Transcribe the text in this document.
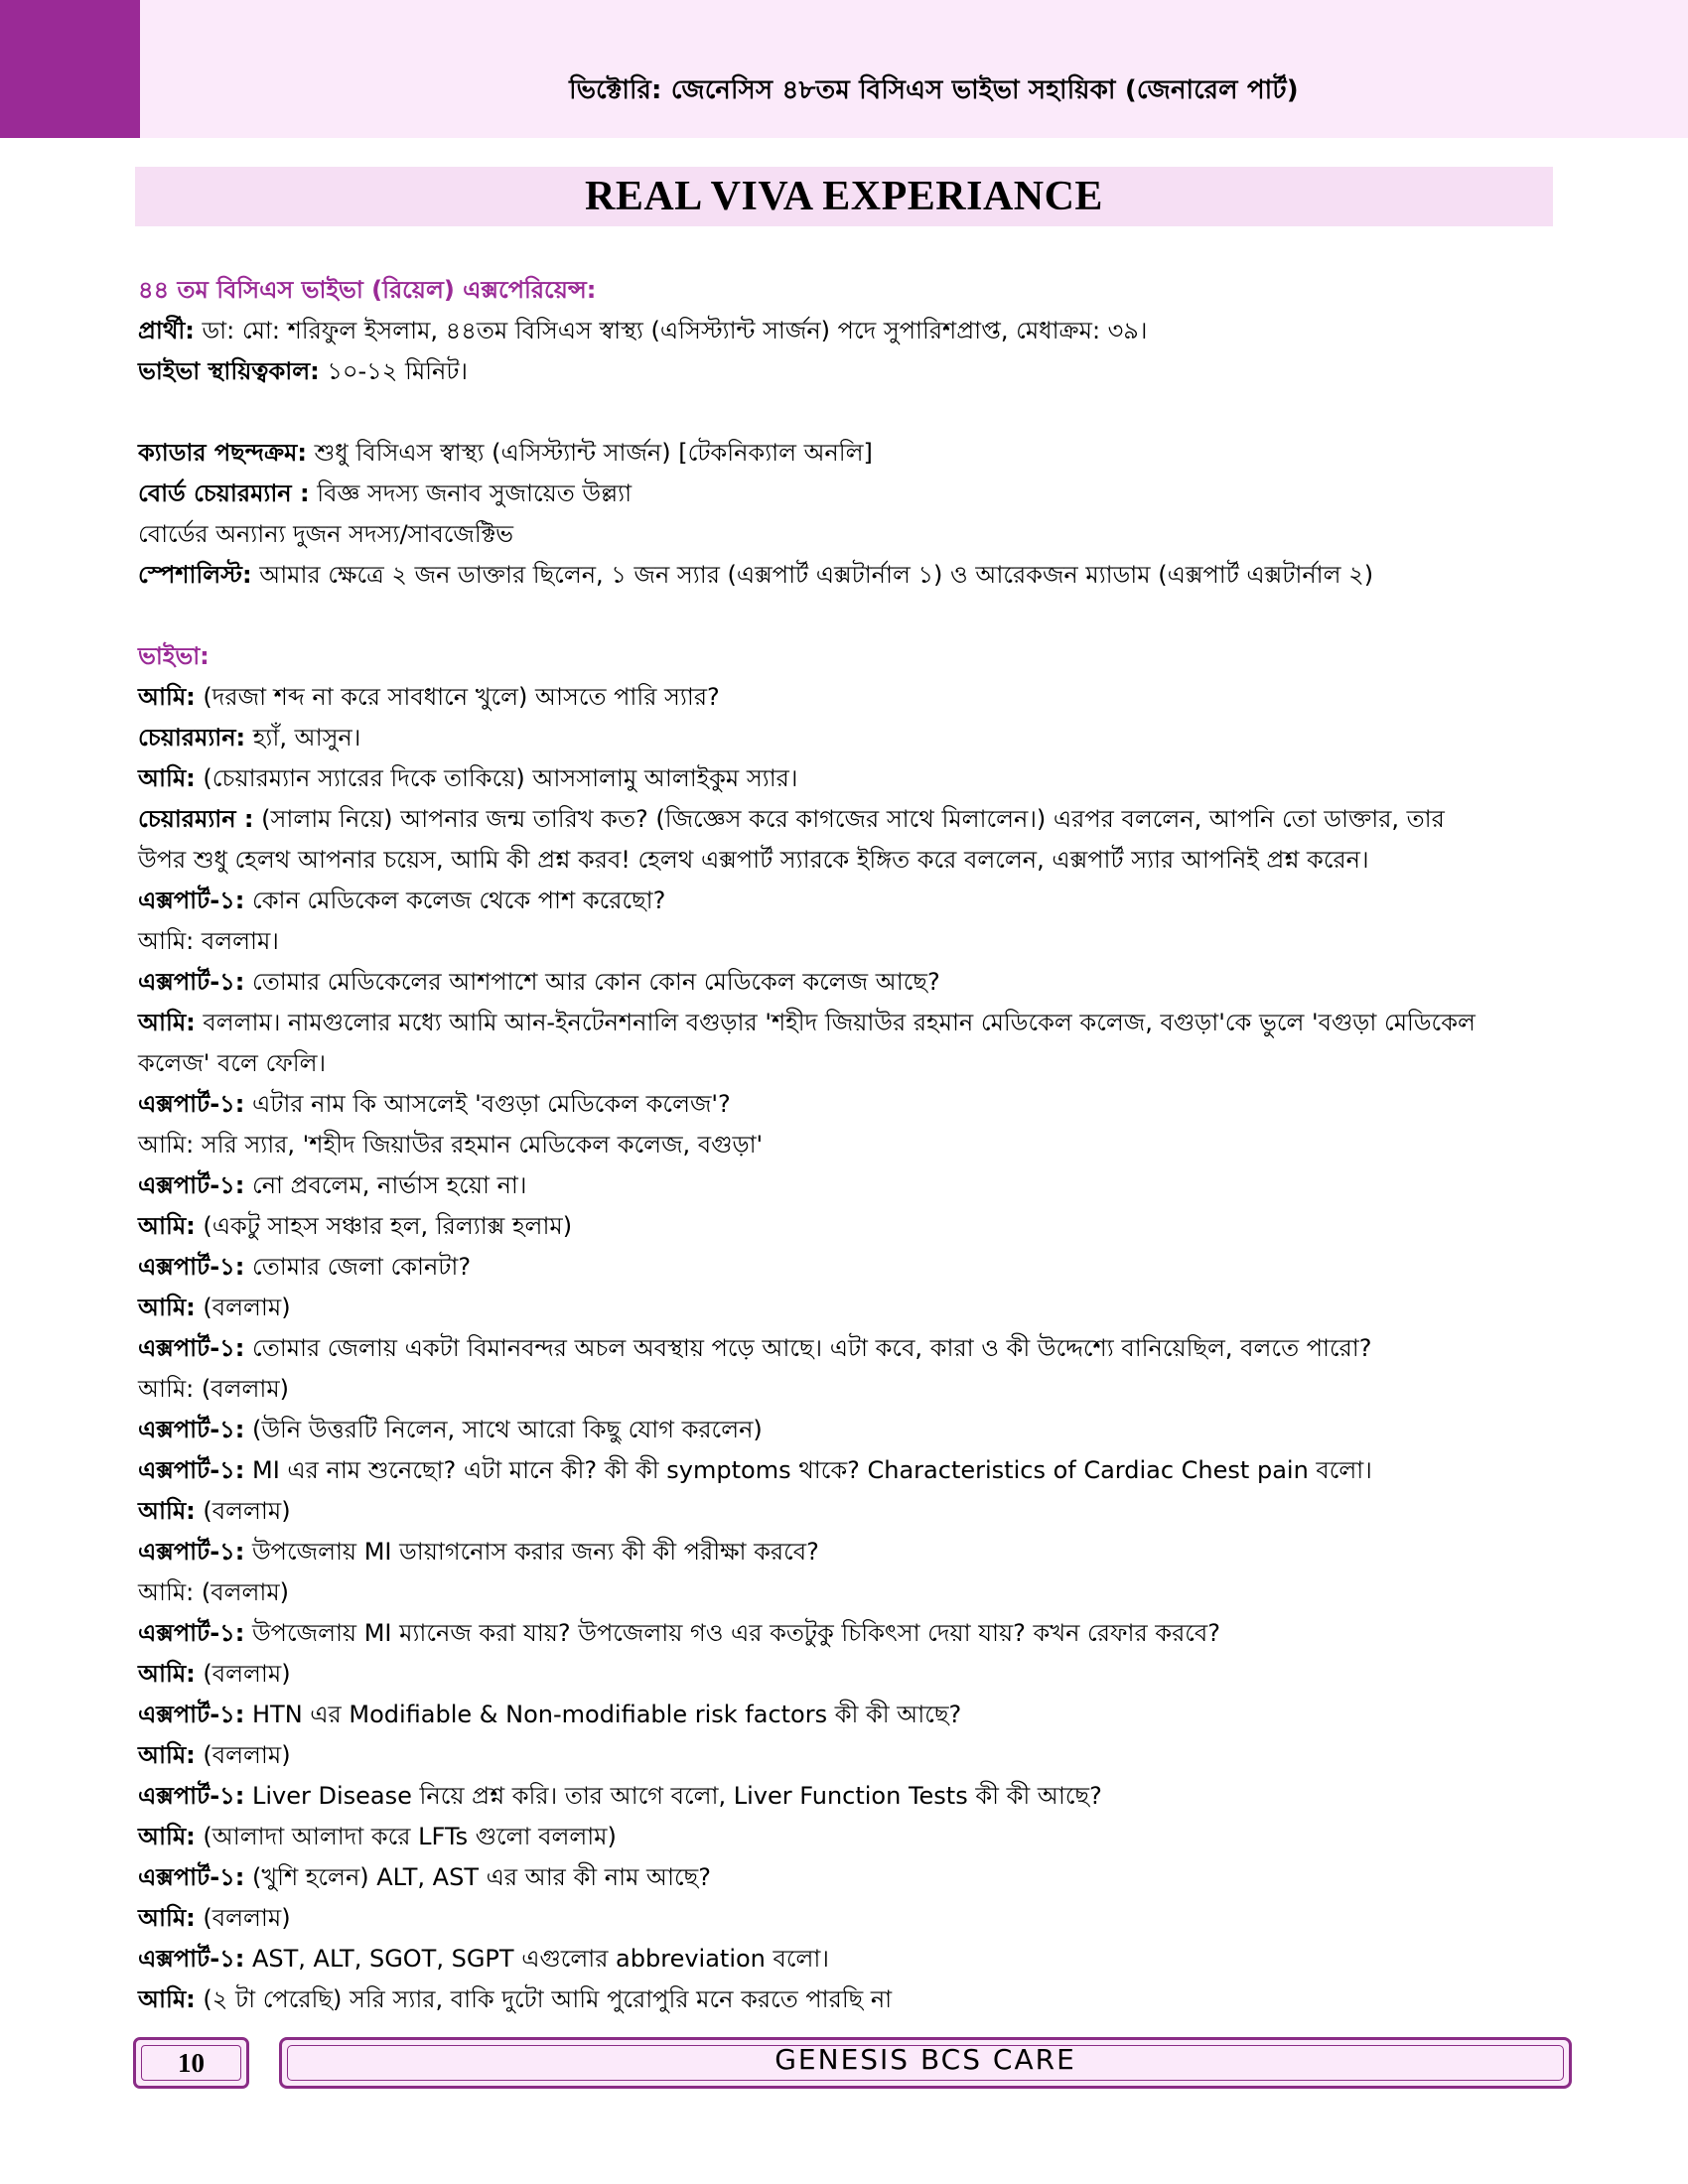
ভিক্টোরি: জেনেসিস ৪৮তম বিসিএস ভাইভা সহায়িকা (জেনারেল পার্ট)
REAL VIVA EXPERIANCE
৪৪ তম বিসিএস ভাইভা (রিয়েল) এক্সপেরিয়েন্স:
প্রার্থী: ডা: মো: শরিফুল ইসলাম, ৪৪তম বিসিএস স্বাস্থ্য (এসিস্ট্যান্ট সার্জন) পদে সুপারিশপ্রাপ্ত, মেধাক্রম: ৩৯।
ভাইভা স্থায়িত্বকাল: ১০-১২ মিনিট।
ক্যাডার পছন্দক্রম: শুধু বিসিএস স্বাস্থ্য (এসিস্ট্যান্ট সার্জন) [টেকনিক্যাল অনলি]
বোর্ড চেয়ারম্যান : বিজ্ঞ সদস্য জনাব সুজায়েত উল্ল্যা
বোর্ডের অন্যান্য দুজন সদস্য/সাবজেক্টিভ
স্পেশালিস্ট: আমার ক্ষেত্রে ২ জন ডাক্তার ছিলেন, ১ জন স্যার (এক্সপার্ট এক্সটার্নাল ১) ও আরেকজন ম্যাডাম (এক্সপার্ট এক্সটার্নাল ২)
ভাইভা:
আমি: (দরজা শব্দ না করে সাবধানে খুলে) আসতে পারি স্যার?
চেয়ারম্যান: হ্যাঁ, আসুন।
আমি: (চেয়ারম্যান স্যারের দিকে তাকিয়ে) আসসালামু আলাইকুম স্যার।
চেয়ারম্যান : (সালাম নিয়ে) আপনার জন্ম তারিখ কত? (জিজ্ঞেস করে কাগজের সাথে মিলালেন।) এরপর বললেন, আপনি তো ডাক্তার, তার
উপর শুধু হেলথ আপনার চয়েস, আমি কী প্রশ্ন করব! হেলথ এক্সপার্ট স্যারকে ইঙ্গিত করে বললেন, এক্সপার্ট স্যার আপনিই প্রশ্ন করেন।
এক্সপার্ট-১: কোন মেডিকেল কলেজ থেকে পাশ করেছো?
আমি: বললাম।
এক্সপার্ট-১: তোমার মেডিকেলের আশপাশে আর কোন কোন মেডিকেল কলেজ আছে?
আমি: বললাম। নামগুলোর মধ্যে আমি আন-ইনটেনশনালি বগুড়ার 'শহীদ জিয়াউর রহমান মেডিকেল কলেজ, বগুড়া'কে ভুলে 'বগুড়া মেডিকেল
কলেজ' বলে ফেলি।
এক্সপার্ট-১: এটার নাম কি আসলেই 'বগুড়া মেডিকেল কলেজ'?
আমি: সরি স্যার, 'শহীদ জিয়াউর রহমান মেডিকেল কলেজ, বগুড়া'
এক্সপার্ট-১: নো প্রবলেম, নার্ভাস হয়ো না।
আমি: (একটু সাহস সঞ্চার হল, রিল্যাক্স হলাম)
এক্সপার্ট-১: তোমার জেলা কোনটা?
আমি: (বললাম)
এক্সপার্ট-১: তোমার জেলায় একটা বিমানবন্দর অচল অবস্থায় পড়ে আছে। এটা কবে, কারা ও কী উদ্দেশ্যে বানিয়েছিল, বলতে পারো?
আমি: (বললাম)
এক্সপার্ট-১: (উনি উত্তরটি নিলেন, সাথে আরো কিছু যোগ করলেন)
এক্সপার্ট-১: MI এর নাম শুনেছো? এটা মানে কী? কী কী symptoms থাকে? Characteristics of Cardiac Chest pain বলো।
আমি: (বললাম)
এক্সপার্ট-১: উপজেলায় MI ডায়াগনোস করার জন্য কী কী পরীক্ষা করবে?
আমি: (বললাম)
এক্সপার্ট-১: উপজেলায় MI ম্যানেজ করা যায়? উপজেলায় গও এর কতটুকু চিকিৎসা দেয়া যায়? কখন রেফার করবে?
আমি: (বললাম)
এক্সপার্ট-১: HTN এর Modifiable & Non-modifiable risk factors কী কী আছে?
আমি: (বললাম)
এক্সপার্ট-১: Liver Disease নিয়ে প্রশ্ন করি। তার আগে বলো, Liver Function Tests কী কী আছে?
আমি: (আলাদা আলাদা করে LFTs গুলো বললাম)
এক্সপার্ট-১: (খুশি হলেন) ALT, AST এর আর কী নাম আছে?
আমি: (বললাম)
এক্সপার্ট-১: AST, ALT, SGOT, SGPT এগুলোর abbreviation বলো।
আমি: (২ টা পেরেছি) সরি স্যার, বাকি দুটো আমি পুরোপুরি মনে করতে পারছি না
10	GENESIS BCS CARE
